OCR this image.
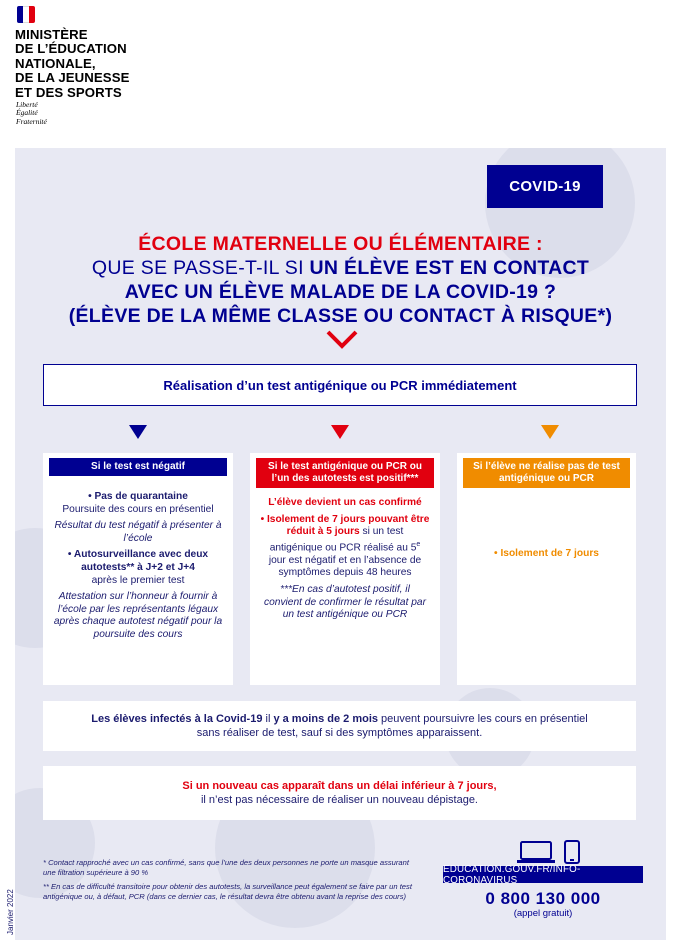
MINISTÈRE
DE L’ÉDUCATION
NATIONALE,
DE LA JEUNESSE
ET DES SPORTS
Liberté
Égalité
Fraternité
COVID-19
ÉCOLE MATERNELLE OU ÉLÉMENTAIRE :
QUE SE PASSE-T-IL SI UN ÉLÈVE EST EN CONTACT
AVEC UN ÉLÈVE MALADE DE LA COVID-19 ?
(ÉLÈVE DE LA MÊME CLASSE OU CONTACT À RISQUE*)
Réalisation d’un test antigénique ou PCR immédiatement
Si le test est négatif
• Pas de quarantaine
Poursuite des cours en présentiel
Résultat du test négatif à présenter à l’école
• Autosurveillance avec deux autotests** à J+2 et J+4
après le premier test
Attestation sur l’honneur à fournir à l’école par les représentants légaux après chaque autotest négatif pour la poursuite des cours
Si le test antigénique ou PCR ou l’un des autotests est positif***
L’élève devient un cas confirmé
• Isolement de 7 jours pouvant être réduit à 5 jours si un test antigénique ou PCR réalisé au 5e jour est négatif et en l’absence de symptômes depuis 48 heures
***En cas d’autotest positif, il convient de confirmer le résultat par un test antigénique ou PCR
Si l’élève ne réalise pas de test antigénique ou PCR
• Isolement de 7 jours
Les élèves infectés à la Covid-19 il y a moins de 2 mois peuvent poursuivre les cours en présentiel
sans réaliser de test, sauf si des symptômes apparaissent.
Si un nouveau cas apparaît dans un délai inférieur à 7 jours,
il n’est pas nécessaire de réaliser un nouveau dépistage.

* Contact rapproché avec un cas confirmé, sans que l’une des deux personnes ne porte un masque assurant une filtration supérieure à 90 %

** En cas de difficulté transitoire pour obtenir des autotests, la surveillance peut également se faire par un test antigénique ou, à défaut, PCR (dans ce dernier cas, le résultat devra être obtenu avant la reprise des cours)

Janvier 2022
EDUCATION.GOUV.FR/INFO-CORONAVIRUS
0 800 130 000
(appel gratuit)
